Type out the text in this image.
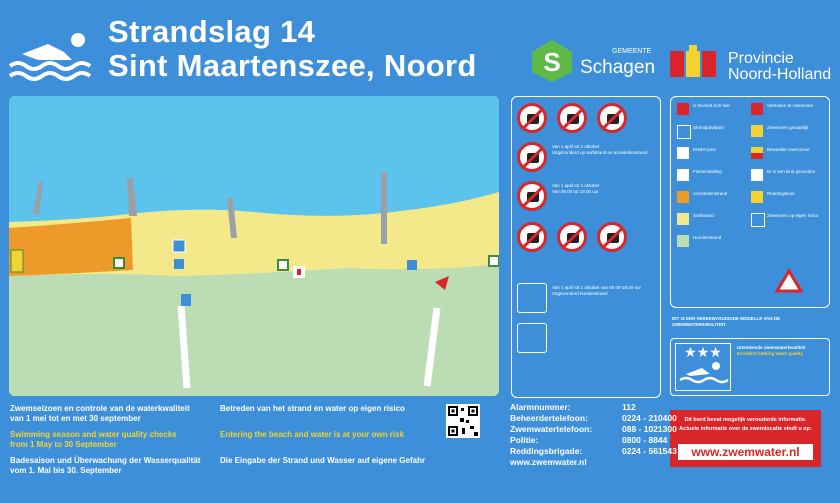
Strandslag 14
Sint Maartenszee, Noord	S	GEMEENTE
Schagen	Provincie
Noord-Holland
Van 1 april tot 1 oktober
Uitgezonderd op surfstrand en activiteitenstrand
Van 1 april tot 1 oktober
Van 09.00 tot 19.00 uur
Van 1 april tot 1 oktober van 09.00-19.00 uur
Uitgezonderd hondenstrand
U bevindt zich hier	Verboden te zwemmen
Strandpaviljoen	Zwemmen gevaarlijk
EHBO-post	Bewaakte zwemzone
Fietsenstalling	Er is een kind gevonden
Activiteitenstrand	Reddingsboei
Surfstrand	Zwemmen op eigen risico
Hondenstrand
DIT IS EEN VEREENVOUDIGDE MODELLE VAN DE ZWEMWATERKWALITEIT
★★★	Uitstekende zwemwaterkwaliteit
Excellent bathing water quality
Dit bord bevat mogelijk verouderde informatie.
Actuele informatie over de zwemlocatie vindt u op:
www.zwemwater.nl
Zwemseizoen en controle van de waterkwaliteit
van 1 mei tot en met 30 september
Swimming season and water quality checks
from 1 May to 30 September
Badesaison und Überwachung der Wasserqualität
vom 1. Mai bis 30. September
Betreden van het strand en water op eigen risico
Entering the beach and water is at your own risk
Die Eingabe der Strand und Wasser auf eigene Gefahr
Alarmnummer:	112
Beheerdertelefoon:	0224 - 210400
Zwemwatertelefoon:	088 - 1021300
Politie:	0800 - 8844
Reddingsbrigade:	0224 - 561543
www.zwemwater.nl
